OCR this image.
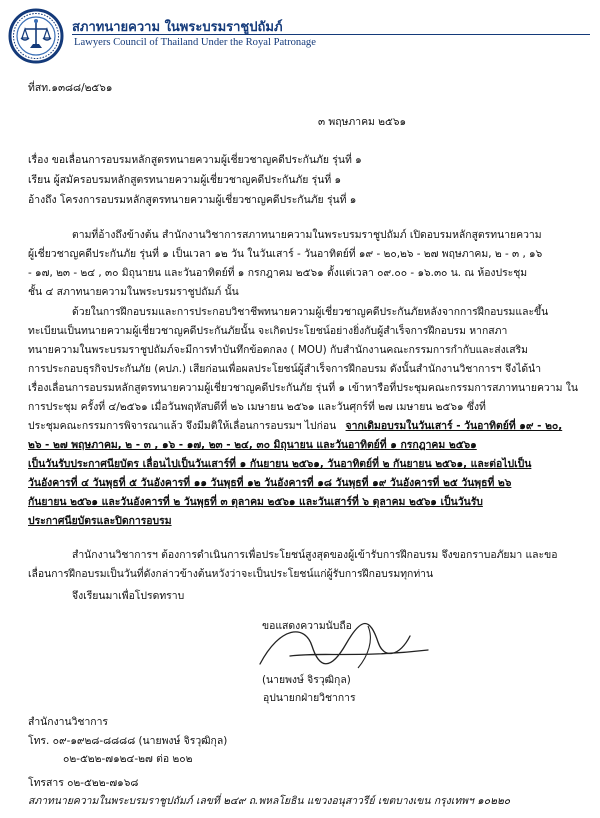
สภาทนายความ ในพระบรมราชูปถัมภ์
Lawyers Council of Thailand Under the Royal Patronage
ที่สท.๑๓๘๘/๒๕๖๑
๓ พฤษภาคม ๒๕๖๑
เรื่อง ขอเลื่อนการอบรมหลักสูตรทนายความผู้เชี่ยวชาญคดีประกันภัย รุ่นที่ ๑
เรียน ผู้สมัครอบรมหลักสูตรทนายความผู้เชี่ยวชาญคดีประกันภัย รุ่นที่ ๑
อ้างถึง โครงการอบรมหลักสูตรทนายความผู้เชี่ยวชาญคดีประกันภัย รุ่นที่ ๑
ตามที่อ้างถึงข้างต้น สำนักงานวิชาการสภาทนายความในพระบรมราชูปถัมภ์ เปิดอบรมหลักสูตรทนายความ
ผู้เชี่ยวชาญคดีประกันภัย รุ่นที่ ๑ เป็นเวลา ๑๒ วัน ในวันเสาร์ - วันอาทิตย์ที่ ๑๙ - ๒๐,๒๖ - ๒๗ พฤษภาคม, ๒ - ๓ , ๑๖
- ๑๗, ๒๓ - ๒๔ , ๓๐ มิถุนายน และวันอาทิตย์ที่ ๑ กรกฎาคม ๒๕๖๑ ตั้งแต่เวลา ๐๙.๐๐ - ๑๖.๓๐ น. ณ ห้องประชุม
ชั้น ๔ สภาทนายความในพระบรมราชูปถัมภ์ นั้น
ด้วยในการฝึกอบรมและการประกอบวิชาชีพทนายความผู้เชี่ยวชาญคดีประกันภัยหลังจากการฝึกอบรมและขึ้น
ทะเบียนเป็นทนายความผู้เชี่ยวชาญคดีประกันภัยนั้น จะเกิดประโยชน์อย่างยิ่งกับผู้สำเร็จการฝึกอบรม หากสภา
ทนายความในพระบรมราชูปถัมภ์จะมีการทำบันทึกข้อตกลง ( MOU) กับสำนักงานคณะกรรมการกำกับและส่งเสริม
การประกอบธุรกิจประกันภัย (คปภ.) เสียก่อนเพื่อผลประโยชน์ผู้สำเร็จการฝึกอบรม ดังนั้นสำนักงานวิชาการฯ จึงได้นำ
เรื่องเลื่อนการอบรมหลักสูตรทนายความผู้เชี่ยวชาญคดีประกันภัย รุ่นที่ ๑ เข้าหารือที่ประชุมคณะกรรมการสภาทนายความ ใน
การประชุม ครั้งที่ ๔/๒๕๖๑ เมื่อวันพฤหัสบดีที่ ๒๖ เมษายน ๒๕๖๑ และวันศุกร์ที่ ๒๗ เมษายน ๒๕๖๑ ซึ่งที่
ประชุมคณะกรรมการพิจารณาแล้ว จึงมีมติให้เลื่อนการอบรมฯ ไปก่อน จากเดิมอบรมในวันเสาร์ - วันอาทิตย์ที่ ๑๙ - ๒๐,
๒๖ - ๒๗ พฤษภาคม, ๒ - ๓ , ๑๖ - ๑๗, ๒๓ - ๒๔, ๓๐ มิถุนายน และวันอาทิตย์ที่ ๑ กรกฎาคม ๒๕๖๑
เป็นวันรับประกาศนียบัตร เลื่อนไปเป็นวันเสาร์ที่ ๑ กันยายน ๒๕๖๑, วันอาทิตย์ที่ ๒ กันยายน ๒๕๖๑, และต่อไปเป็น
วันอังคารที่ ๔ วันพุธที่ ๕ วันอังคารที่ ๑๑ วันพุธที่ ๑๒ วันอังคารที่ ๑๘ วันพุธที่ ๑๙ วันอังคารที่ ๒๕ วันพุธที่ ๒๖
กันยายน ๒๕๖๑ และวันอังคารที่ ๒ วันพุธที่ ๓ ตุลาคม ๒๕๖๑ และวันเสาร์ที่ ๖ ตุลาคม ๒๕๖๑ เป็นวันรับ
ประกาศนียบัตรและปิดการอบรม
สำนักงานวิชาการฯ ต้องการดำเนินการเพื่อประโยชน์สูงสุดของผู้เข้ารับการฝึกอบรม จึงขอกราบอภัยมา และขอ
เลื่อนการฝึกอบรมเป็นวันที่ดังกล่าวข้างต้นหวังว่าจะเป็นประโยชน์แก่ผู้รับการฝึกอบรมทุกท่าน
จึงเรียนมาเพื่อโปรดทราบ
ขอแสดงความนับถือ
(นายพงษ์ จิรวุฒิกุล)
อุปนายกฝ่ายวิชาการ
สำนักงานวิชาการ
โทร. ๐๙-๑๙๒๘-๘๘๘๘ (นายพงษ์ จิรวุฒิกุล)
๐๒-๕๒๒-๗๑๒๔-๒๗ ต่อ ๒๐๒
โทรสาร ๐๒-๕๒๒-๗๑๖๘
สภาทนายความในพระบรมราชูปถัมภ์ เลขที่ ๒๔๙ ถ.พหลโยธิน แขวงอนุสาวรีย์ เขตบางเขน กรุงเทพฯ ๑๐๒๒๐
